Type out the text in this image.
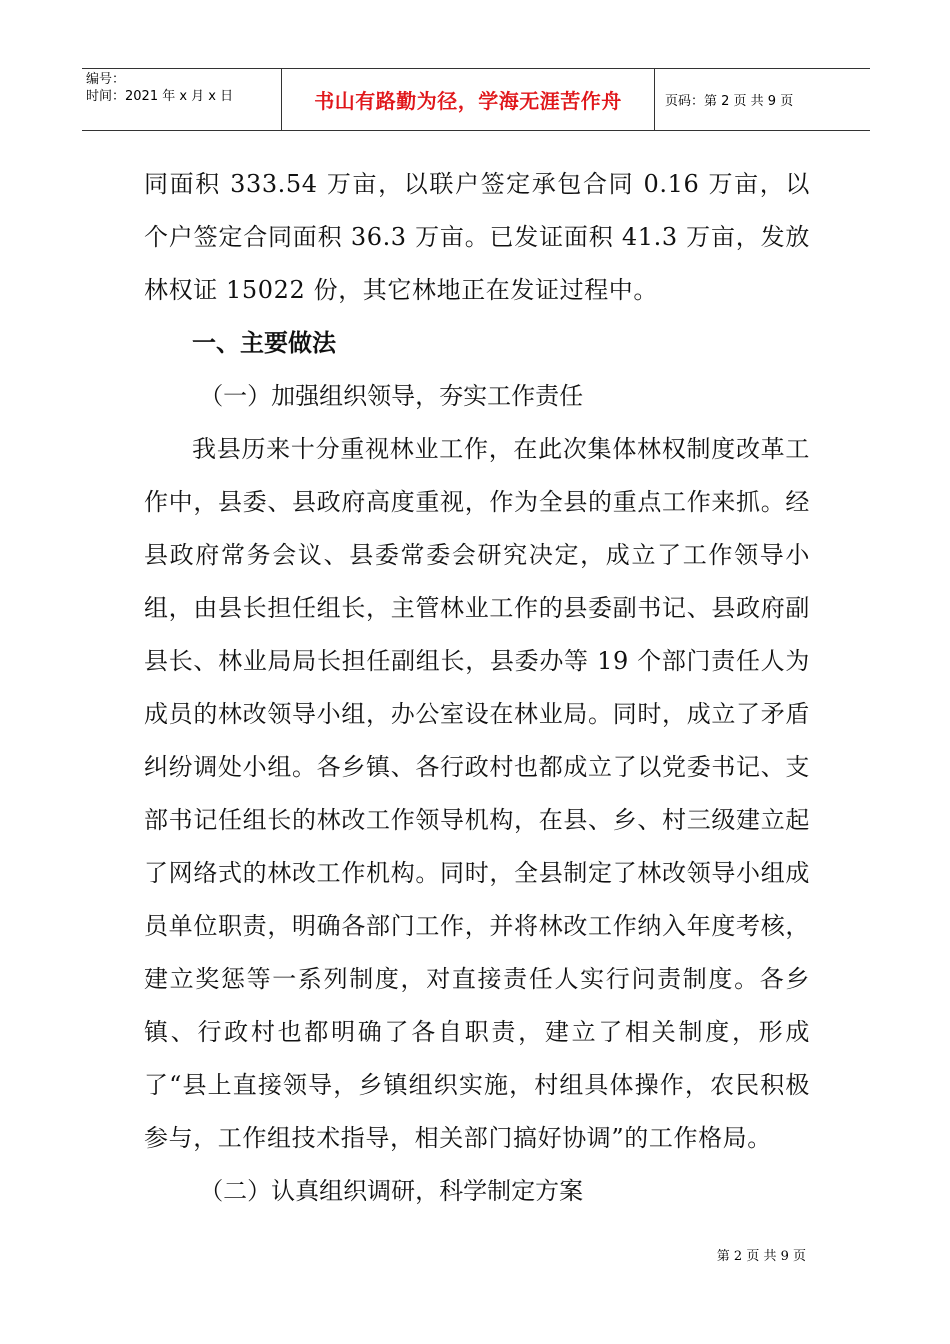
编号：
时间：2021 年 x 月 x 日	书山有路勤为径，学海无涯苦作舟	页码：第 2 页 共 9 页

同面积 333.54 万亩，以联户签定承包合同 0.16 万亩，以个户签定合同面积 36.3 万亩。已发证面积 41.3 万亩，发放林权证 15022 份，其它林地正在发证过程中。

一、主要做法

（一）加强组织领导，夯实工作责任

我县历来十分重视林业工作，在此次集体林权制度改革工作中，县委、县政府高度重视，作为全县的重点工作来抓。经县政府常务会议、县委常委会研究决定，成立了工作领导小组，由县长担任组长，主管林业工作的县委副书记、县政府副县长、林业局局长担任副组长，县委办等 19 个部门责任人为成员的林改领导小组，办公室设在林业局。同时，成立了矛盾纠纷调处小组。各乡镇、各行政村也都成立了以党委书记、支部书记任组长的林改工作领导机构，在县、乡、村三级建立起了网络式的林改工作机构。同时，全县制定了林改领导小组成员单位职责，明确各部门工作，并将林改工作纳入年度考核，建立奖惩等一系列制度，对直接责任人实行问责制度。各乡镇、行政村也都明确了各自职责，建立了相关制度，形成了“县上直接领导，乡镇组织实施，村组具体操作，农民积极参与，工作组技术指导，相关部门搞好协调”的工作格局。

（二）认真组织调研，科学制定方案

第 2 页 共 9 页
